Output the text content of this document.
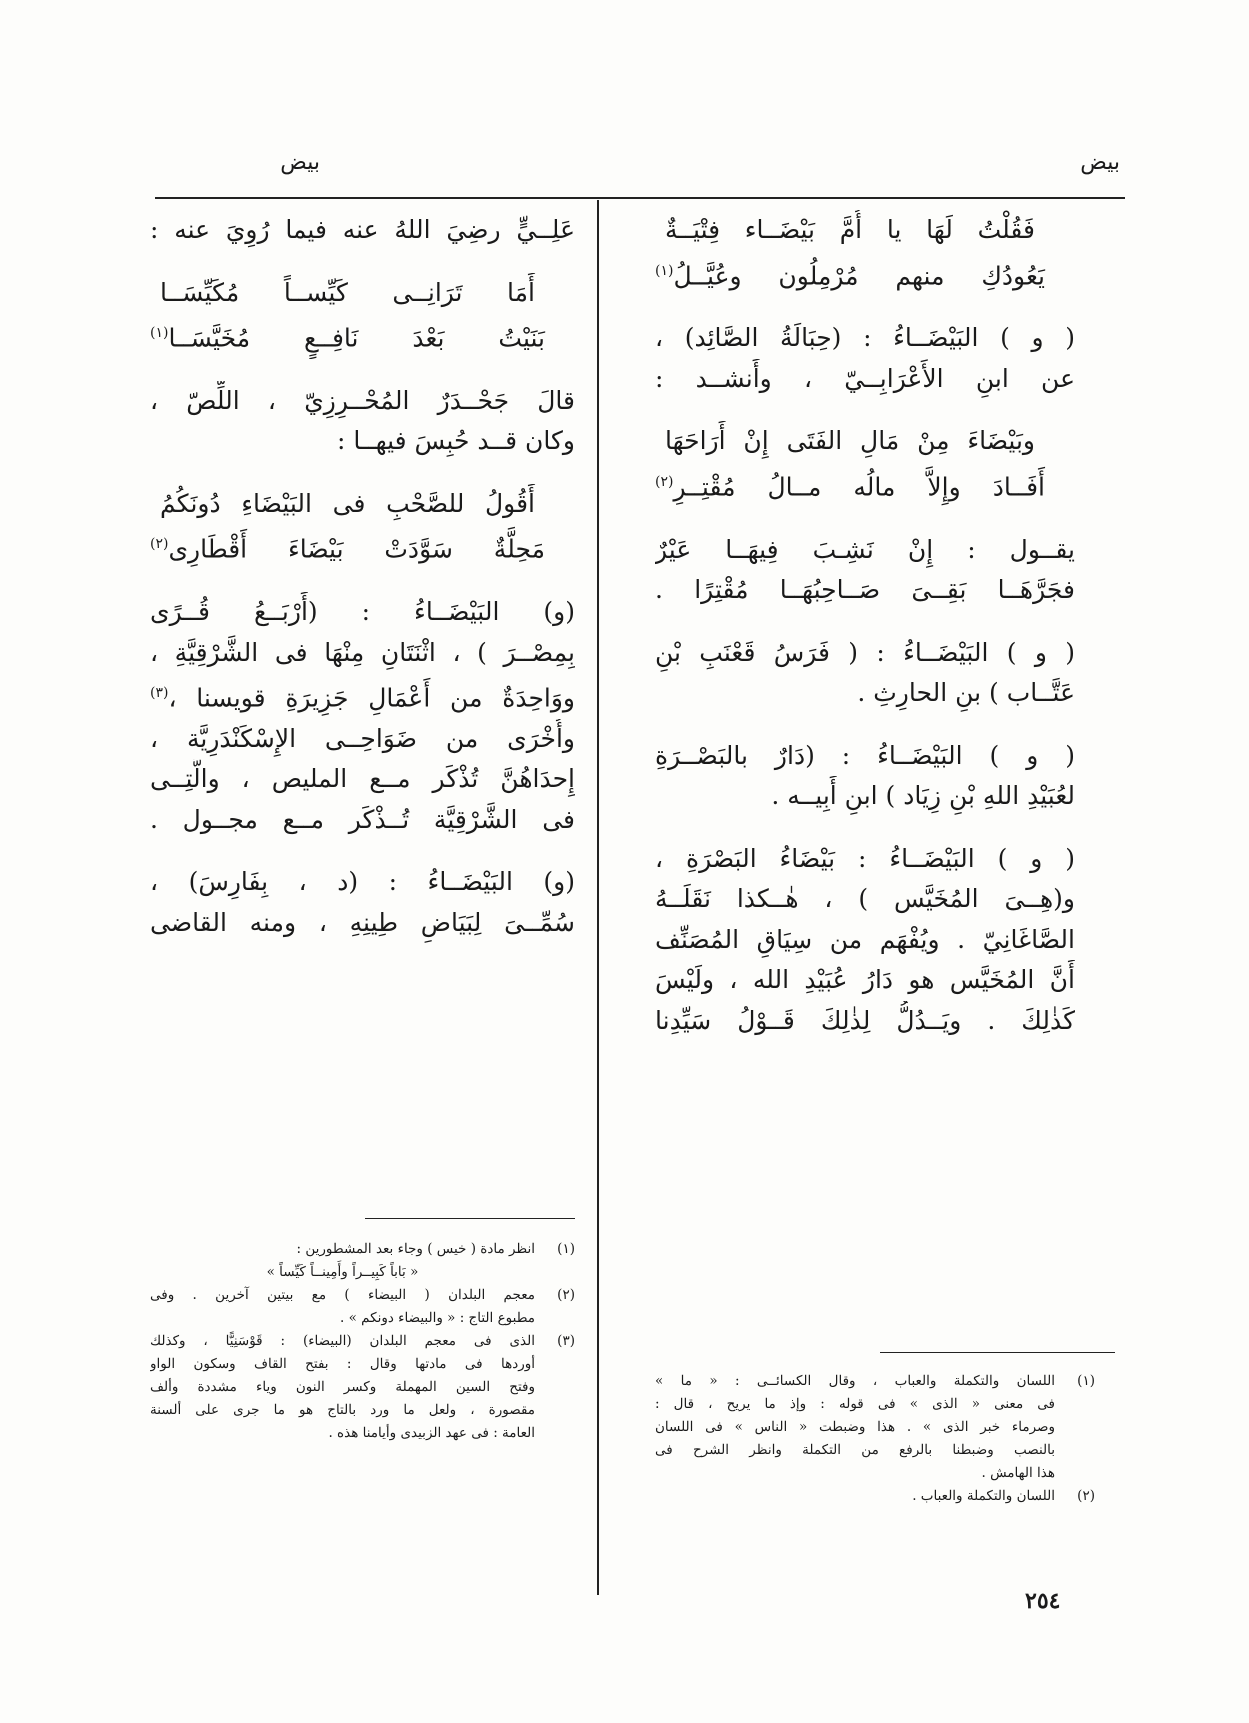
بيض
بيض
فَقُلْتُ لَهَا يا أُمَّ بَيْضَــاء فِتْيَــةٌ
يَعُودُكِ منهم مُرْمِلُون وعُيَّــلُ$^{(١)}$
( و ) البَيْضَــاءُ : (حِبَالَةُ الصَّائِد) ،
عن ابنِ الأَعْرَابِــيّ ، وأَنشــد :
وبَيْضَاءَ مِنْ مَالِ الفَتَى إِنْ أَرَاحَهَا
أَفَــادَ وإِلاَّ مالُه مــالُ مُقْتِــرِ$^{(٢)}$
يقــول : إِنْ نَشِـبَ فِيهَــا عَيْرٌ
فجَرَّهَــا بَقِــىَ صَــاحِبُهَــا مُقْتِرًا .
( و ) البَيْضَــاءُ : ( فَرَسُ قَعْنَبِ بْنِ
عَتَّــاب ) بنِ الحارِثِ .
( و ) البَيْضَــاءُ : (دَارٌ بالبَصْــرَةِ
لعُبَيْدِ اللهِ بْنِ زِيَاد ) ابنِ أَبِيــه .
( و ) البَيْضَــاءُ : بَيْضَاءُ البَصْرَةِ ،
و(هِــىَ المُخَيَّس ) ، هٰــكذا نَقَلَــهُ
الصَّاغَانِيّ . ويُفْهَم من سِيَاقِ المُصَنِّف
أَنَّ المُخَيَّس هو دَارُ عُبَيْدِ الله ، ولَيْسَ
كَذٰلِكَ . ويَــدُلُّ لِذٰلِكَ قَــوْلُ سَيِّدِنا
عَلِــيٍّ رضِيَ اللهُ عنه فيما رُوِيَ عنه :
أَمَا تَرَانِــى كَيِّســاً مُكَيِّسَــا
بَنَيْتُ بَعْدَ نَافِــعٍ مُخَيَّسَــا$^{(١)}$
قالَ جَحْــدَرٌ المُحْــرِزِيّ ، اللِّصّ ،
وكان قــد حُبِسَ فيهــا :
أَقُولُ للصَّحْبِ فى البَيْضَاءِ دُونَكُمُ
مَحِلَّةٌ سَوَّدَتْ بَيْضَاءَ أَقْطَارِى$^{(٢)}$
(و) البَيْضَــاءُ : (أَرْبَــعُ قُــرًى
بِمِصْــرَ ) ، اثْنَتَانِ مِنْهَا فى الشَّرْقِيَّةِ ،
ووَاحِدَةٌ من أَعْمَالِ جَزِيرَةِ قويسنا ،$^{(٣)}$
وأُخْرَى من ضَوَاحِــى الإِسْكَنْدَرِيَّة ،
إِحدَاهُنَّ تُذْكَر مــع المليص ، والَّتِــى
فى الشَّرْقِيَّة تُــذْكَر مــع مجــول .
(و) البَيْضَــاءُ : (د ، بِفَارِسَ) ،
سُمِّــىَ لِبَيَاضِ طِينِهِ ، ومنه القاضى
(١)
اللسان والتكملة والعباب ، وقال الكسائــى : « ما »
فى معنى « الذى » فى قوله : وإذ ما يريح ، قال :
وصرماء خبر الذى » . هذا وضبطت « الناس » فى اللسان
بالنصب وضبطنا بالرفع من التكملة وانظر الشرح فى
هذا الهامش .
(٢)
اللسان والتكملة والعباب .
(١)
انظر مادة ( خيس ) وجاء بعد المشطورين :
« بَاباً كَبِيــراً وأَمِينــاً كَيِّساً »
(٢)
معجم البلدان ( البيضاء ) مع بيتين آخرين . وفى
مطبوع التاج : « والبيضاء دونكم » .
(٣)
الذى فى معجم البلدان (البيضاء) : قَوْسَنِيًّا ، وكذلك
أوردها فى مادتها وقال : بفتح القاف وسكون الواو
وفتح السين المهملة وكسر النون وياء مشددة وألف
مقصورة ، ولعل ما ورد بالتاج هو ما جرى على ألسنة
العامة : فى عهد الزبيدى وأيامنا هذه .
٢٥٤
